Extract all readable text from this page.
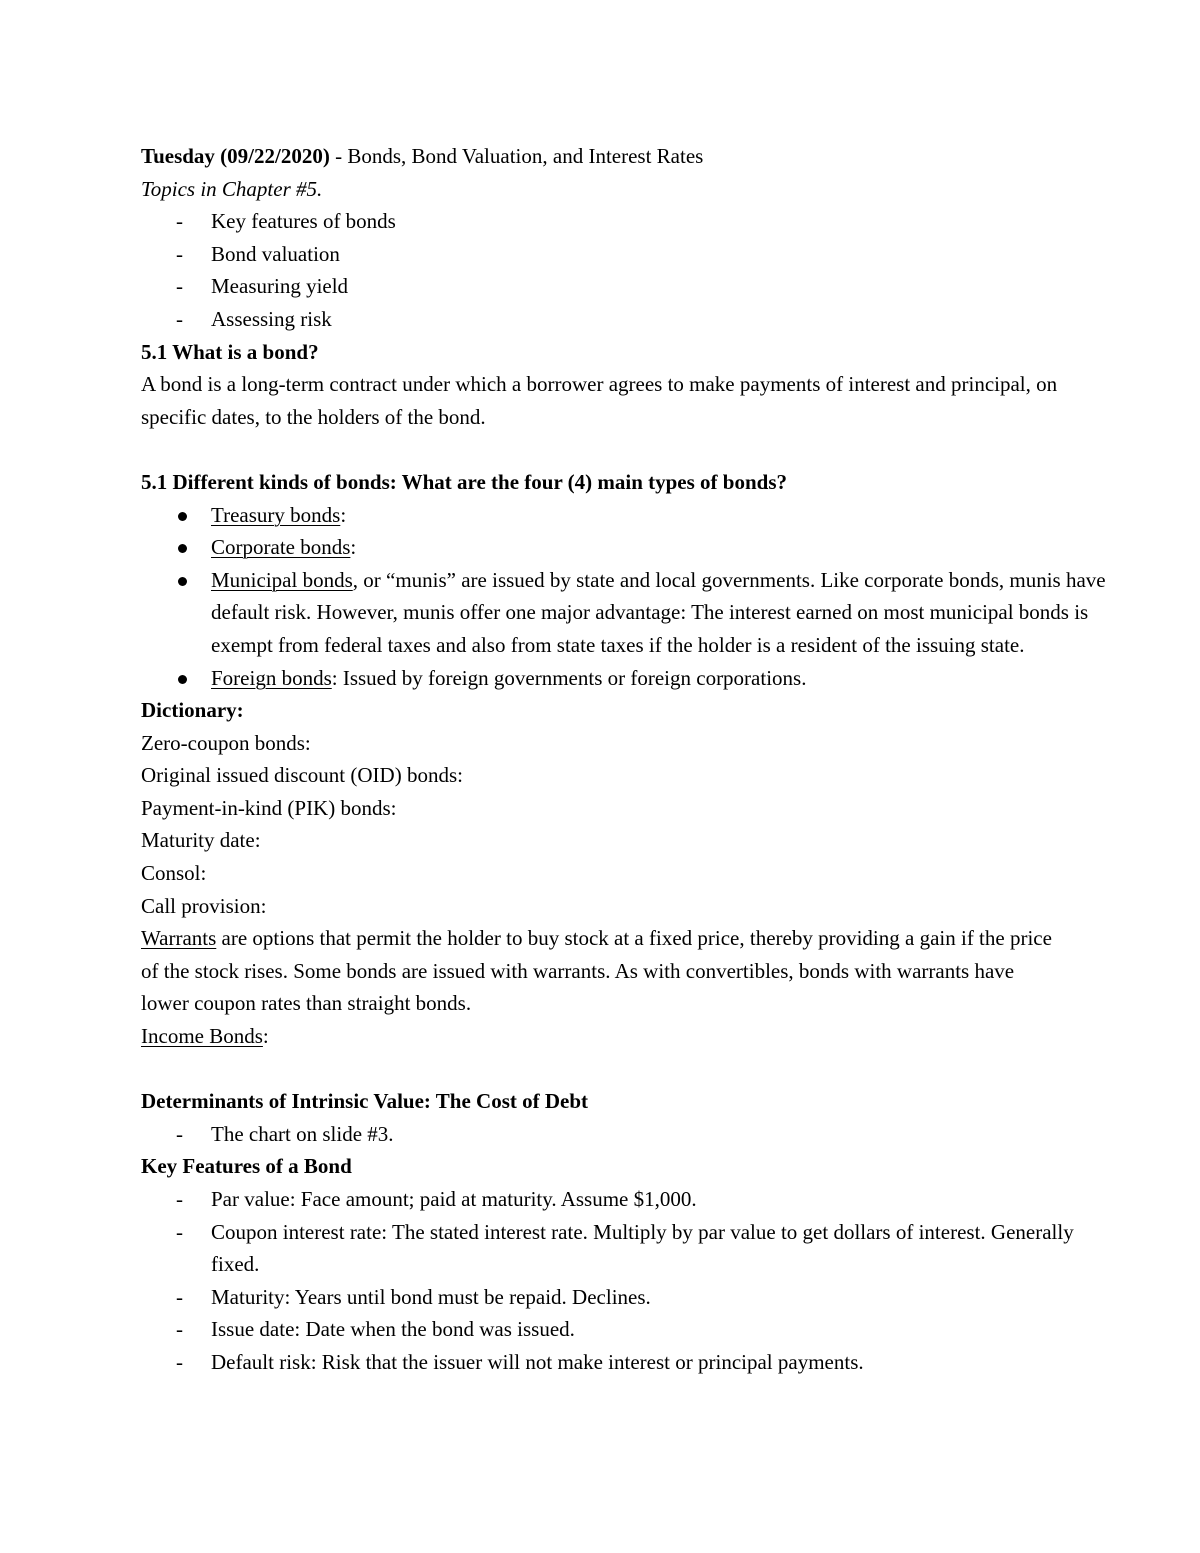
Tuesday (09/22/2020) - Bonds, Bond Valuation, and Interest Rates
Topics in Chapter #5.
- Key features of bonds
- Bond valuation
- Measuring yield
- Assessing risk
5.1 What is a bond?
A bond is a long-term contract under which a borrower agrees to make payments of interest and principal, on specific dates, to the holders of the bond.
5.1 Different kinds of bonds: What are the four (4) main types of bonds?
Treasury bonds:
Corporate bonds:
Municipal bonds, or “munis” are issued by state and local governments. Like corporate bonds, munis have default risk. However, munis offer one major advantage: The interest earned on most municipal bonds is exempt from federal taxes and also from state taxes if the holder is a resident of the issuing state.
Foreign bonds: Issued by foreign governments or foreign corporations.
Dictionary:
Zero-coupon bonds:
Original issued discount (OID) bonds:
Payment-in-kind (PIK) bonds:
Maturity date:
Consol:
Call provision:
Warrants are options that permit the holder to buy stock at a fixed price, thereby providing a gain if the price of the stock rises. Some bonds are issued with warrants. As with convertibles, bonds with warrants have lower coupon rates than straight bonds.
Income Bonds:
Determinants of Intrinsic Value: The Cost of Debt
- The chart on slide #3.
Key Features of a Bond
- Par value: Face amount; paid at maturity. Assume $1,000.
- Coupon interest rate: The stated interest rate. Multiply by par value to get dollars of interest. Generally fixed.
- Maturity: Years until bond must be repaid. Declines.
- Issue date: Date when the bond was issued.
- Default risk: Risk that the issuer will not make interest or principal payments.
